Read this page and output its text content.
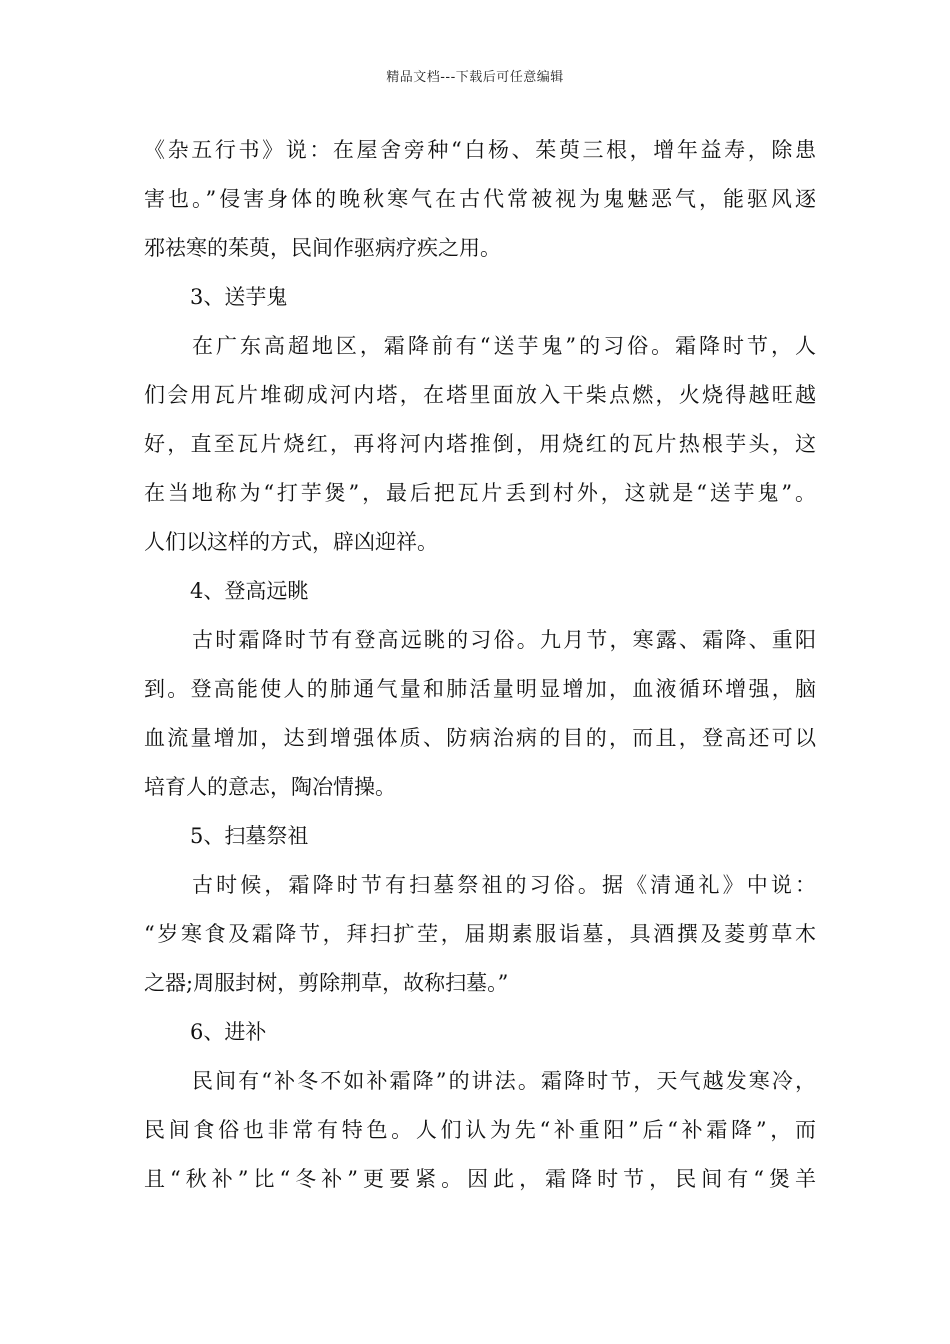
精品文档---下载后可任意编辑
《杂五行书》说：在屋舍旁种“白杨、茱萸三根，增年益寿，除患
害也。”侵害身体的晚秋寒气在古代常被视为鬼魅恶气，能驱风逐
邪祛寒的茱萸，民间作驱病疗疾之用。
3、送芋鬼
在广东高超地区，霜降前有“送芋鬼”的习俗。霜降时节，人
们会用瓦片堆砌成河内塔，在塔里面放入干柴点燃，火烧得越旺越
好，直至瓦片烧红，再将河内塔推倒，用烧红的瓦片热根芋头，这
在当地称为“打芋煲”，最后把瓦片丢到村外，这就是“送芋鬼”。
人们以这样的方式，辟凶迎祥。
4、登高远眺
古时霜降时节有登高远眺的习俗。九月节，寒露、霜降、重阳
到。登高能使人的肺通气量和肺活量明显增加，血液循环增强，脑
血流量增加，达到增强体质、防病治病的目的，而且，登高还可以
培育人的意志，陶冶情操。
5、扫墓祭祖
古时候，霜降时节有扫墓祭祖的习俗。据《清通礼》中说：
“岁寒食及霜降节，拜扫扩茔，届期素服诣墓，具酒撰及菱剪草木
之器;周服封树，剪除荆草，故称扫墓。”
6、进补
民间有“补冬不如补霜降”的讲法。霜降时节，天气越发寒冷，
民间食俗也非常有特色。人们认为先“补重阳”后“补霜降”，而
且“秋补”比“冬补”更要紧。因此，霜降时节，民间有“煲羊
